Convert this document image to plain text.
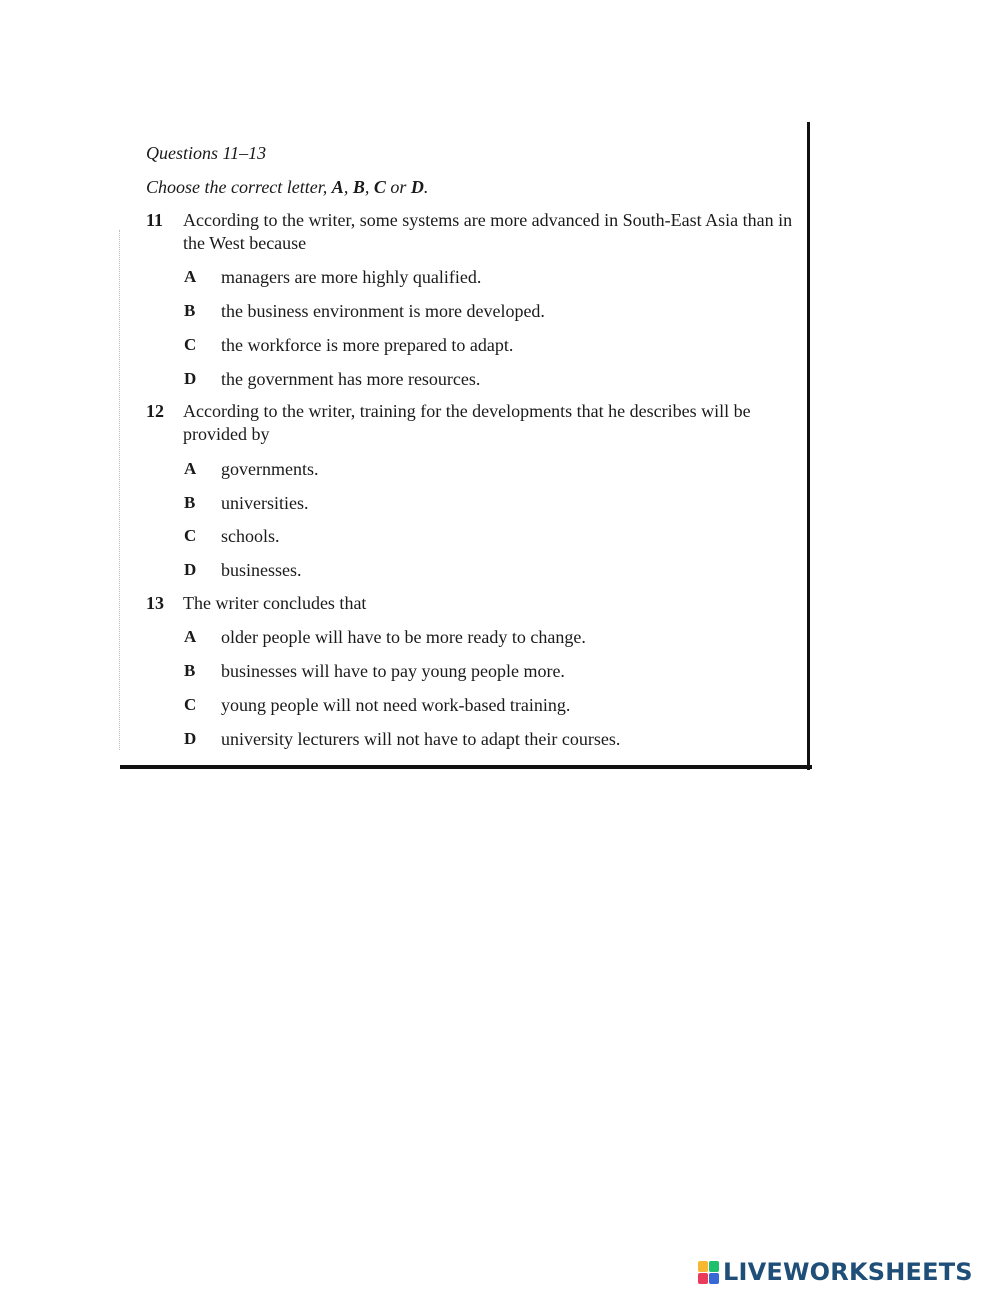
Questions 11–13
Choose the correct letter, A, B, C or D.
11 According to the writer, some systems are more advanced in South-East Asia than in the West because
A managers are more highly qualified.
B the business environment is more developed.
C the workforce is more prepared to adapt.
D the government has more resources.
12 According to the writer, training for the developments that he describes will be provided by
A governments.
B universities.
C schools.
D businesses.
13 The writer concludes that
A older people will have to be more ready to change.
B businesses will have to pay young people more.
C young people will not need work-based training.
D university lecturers will not have to adapt their courses.
LIVEWORKSHEETS
